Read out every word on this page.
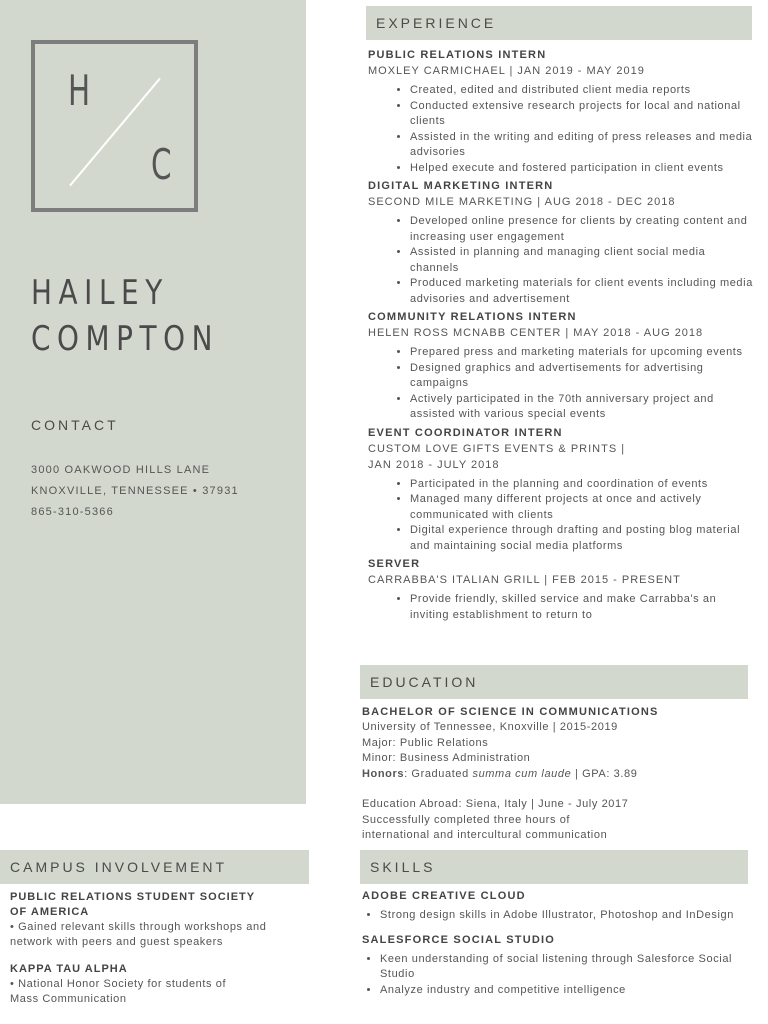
H
C
HAILEY
COMPTON
CONTACT
3000 OAKWOOD HILLS LANE
KNOXVILLE, TENNESSEE • 37931
865-310-5366
EXPERIENCE
PUBLIC RELATIONS INTERN
MOXLEY CARMICHAEL | JAN 2019 - MAY 2019
• Created, edited and distributed client media reports
• Conducted extensive research projects for local and national clients
• Assisted in the writing and editing of press releases and media advisories
• Helped execute and fostered participation in client events
DIGITAL MARKETING INTERN
SECOND MILE MARKETING | AUG 2018 - DEC 2018
• Developed online presence for clients by creating content and increasing user engagement
• Assisted in planning and managing client social media channels
• Produced marketing materials for client events including media advisories and advertisement
COMMUNITY RELATIONS INTERN
HELEN ROSS MCNABB CENTER | MAY 2018 - AUG 2018
• Prepared press and marketing materials for upcoming events
• Designed graphics and advertisements for advertising campaigns
• Actively participated in the 70th anniversary project and assisted with various special events
EVENT COORDINATOR INTERN
CUSTOM LOVE GIFTS EVENTS & PRINTS |
JAN 2018 - JULY 2018
• Participated in the planning and coordination of events
• Managed many different projects at once and actively communicated with clients
• Digital experience through drafting and posting blog material and maintaining social media platforms
SERVER
CARRABBA'S ITALIAN GRILL | FEB 2015 - PRESENT
• Provide friendly, skilled service and make Carrabba's an inviting establishment to return to
EDUCATION
BACHELOR OF SCIENCE IN COMMUNICATIONS
University of Tennessee, Knoxville | 2015-2019
Major: Public Relations
Minor: Business Administration
Honors: Graduated summa cum laude | GPA: 3.89
Education Abroad: Siena, Italy | June - July 2017
Successfully completed three hours of
international and intercultural communication
CAMPUS INVOLVEMENT
PUBLIC RELATIONS STUDENT SOCIETY
OF AMERICA
• Gained relevant skills through workshops and
network with peers and guest speakers
KAPPA TAU ALPHA
• National Honor Society for students of
Mass Communication
SKILLS
ADOBE CREATIVE CLOUD
• Strong design skills in Adobe Illustrator, Photoshop and InDesign
SALESFORCE SOCIAL STUDIO
• Keen understanding of social listening through Salesforce Social Studio
• Analyze industry and competitive intelligence
